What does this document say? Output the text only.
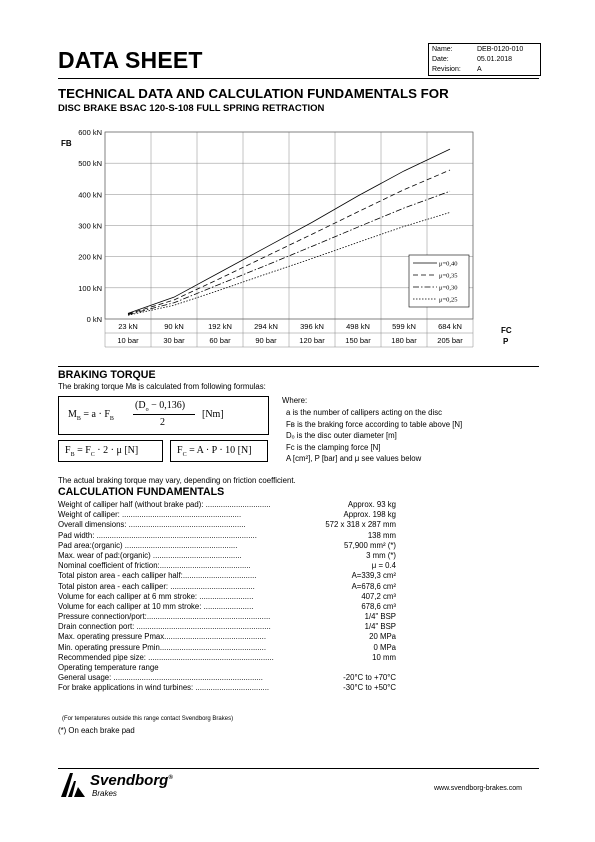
DATA SHEET	Name:	DEB-0120-010
Date:	05.01.2018
Revision: A
TECHNICAL DATA AND CALCULATION FUNDAMENTALS FOR
DISC BRAKE BSAC 120-S-108 FULL SPRING RETRACTION
600 kN
500 kN
400 kN
300 kN
200 kN
100 kN
0 kN
23 kN	90 kN	192 kN	294 kN	396 kN	498 kN	599 kN	684 kN
10 bar	30 bar	60 bar	90 bar	120 bar	150 bar	180 bar	205 bar
FB
FC
P
μ=0,40
μ=0,35
μ=0,30
μ=0,25
BRAKING TORQUE
The braking torque Mʙ is calculated from following formulas:
$M_B = a \cdot F_B$
$(D_o - 0,136)$
2
[Nm]
$F_B = F_C \cdot 2 \cdot \mu$ [N]	$F_C = A \cdot P \cdot 10$ [N]
Where:
a is the number of callipers acting on the disc
Fʙ is the braking force according to table above [N]
Dₒ is the disc outer diameter [m]
Fᴄ is the clamping force [N]
A [cm²], P [bar] and μ see values below
The actual braking torque may vary, depending on friction coefficient.
CALCULATION FUNDAMENTALS
Weight of calliper half (without brake pad): ..............................	Approx. 93 kg
Weight of calliper: .......................................................	Approx. 198 kg
Overall dimensions: ......................................................	572 x 318 x 287 mm
Pad width: ..........................................................................	138 mm
Pad area:(organic) ....................................................	57,900 mm² (*)
Max. wear of pad:(organic) .........................................	3 mm (*)
Nominal coefficient of friction:..........................................	μ = 0.4
Total piston area - each calliper half:..................................	A=339,3 cm²
Total piston area - each calliper: .......................................	A=678,6 cm²
Volume for each calliper at 6 mm stroke: .........................	407,2 cm³
Volume for each calliper at 10 mm stroke: .......................	678,6 cm³
Pressure connection/port:.........................................................	1/4" BSP
Drain connection port: ..............................................................	1/4" BSP
Max. operating pressure Pmax...............................................	20 MPa
Min. operating pressure Pmin.................................................	0 MPa
Recommended pipe size: ..........................................................	10 mm
Operating temperature range
General usage: .....................................................................	-20°C to +70°C
For brake applications in wind turbines: ..................................	-30°C to +50°C
(For temperatures outside this range contact Svendborg Brakes)
(*) On each brake pad
Svendborg®
Brakes
www.svendborg-brakes.com
